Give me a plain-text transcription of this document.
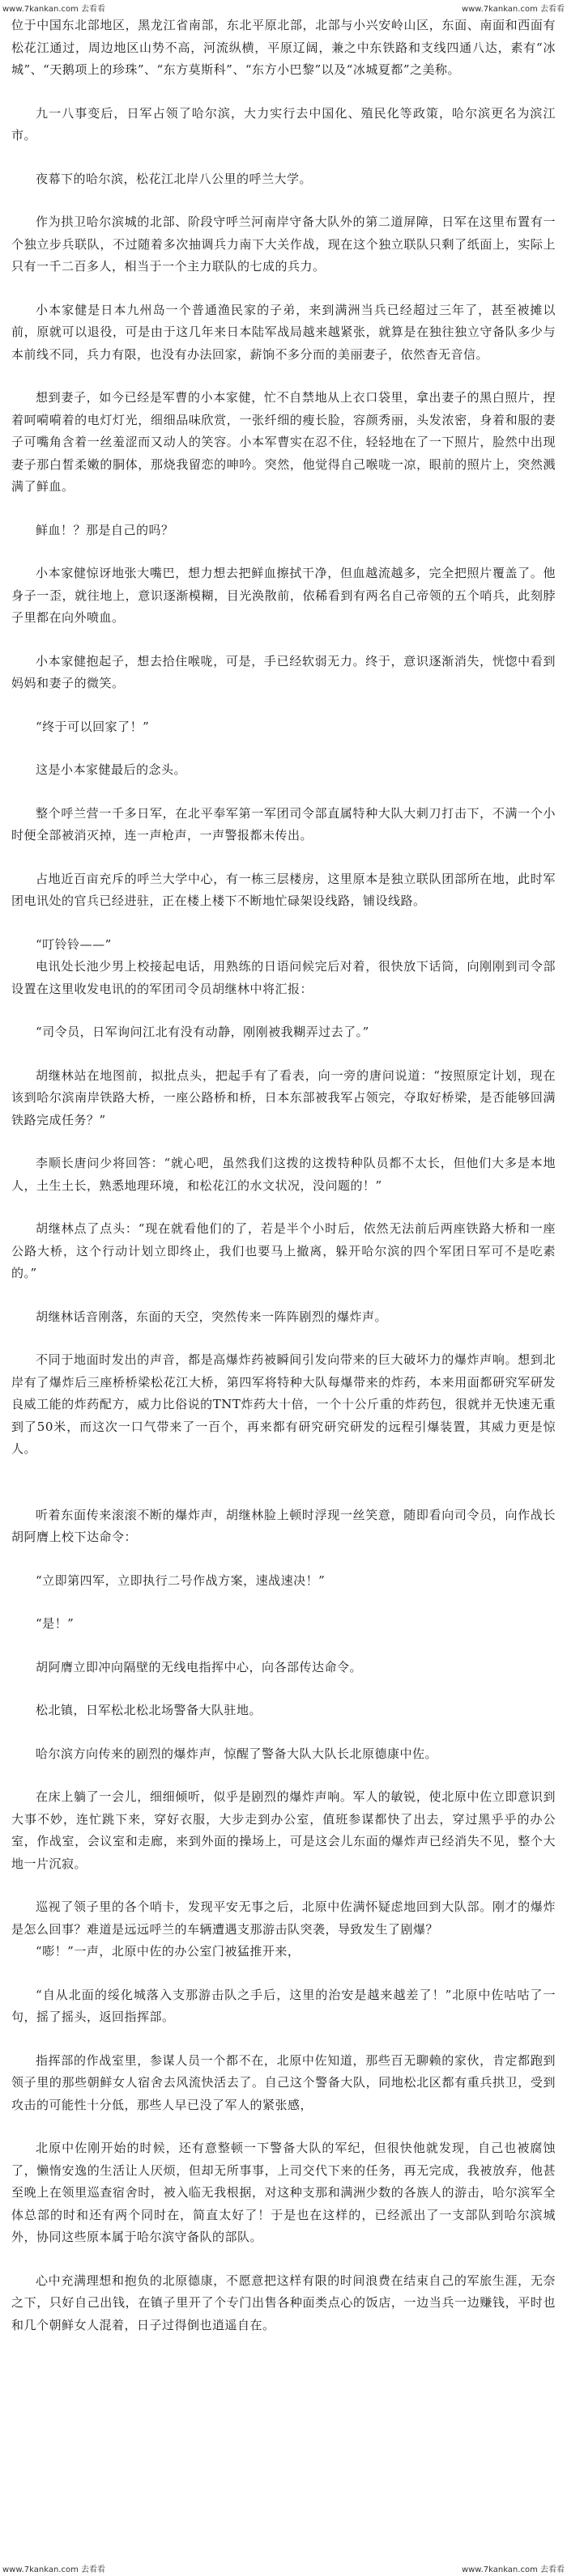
www.7kankan.com 去看看	www.7kankan.com 去看看

位于中国东北部地区，黑龙江省南部，东北平原北部，北部与小兴安岭山区，东面、南面和西面有松花江通过，周边地区山势不高，河流纵横，平原辽阔，兼之中东铁路和支线四通八达，素有“冰城”、“天鹅项上的珍珠”、“东方莫斯科”、“东方小巴黎”以及“冰城夏都”之美称。

九一八事变后，日军占领了哈尔滨，大力实行去中国化、殖民化等政策，哈尔滨更名为滨江市。

夜幕下的哈尔滨，松花江北岸八公里的呼兰大学。

作为拱卫哈尔滨城的北部、阶段守呼兰河南岸守备大队外的第二道屏障，日军在这里布置有一个独立步兵联队，不过随着多次抽调兵力南下大关作战，现在这个独立联队只剩了纸面上，实际上只有一千二百多人，相当于一个主力联队的七成的兵力。

小本家健是日本九州岛一个普通渔民家的子弟，来到满洲当兵已经超过三年了，甚至被摊以前，原就可以退役，可是由于这几年来日本陆军战局越来越紧张，就算是在独往独立守备队多少与本前线不同，兵力有限，也没有办法回家，薪饷不多分而的美丽妻子，依然杳无音信。

想到妻子，如今已经是军曹的小本家健，忙不自禁地从上衣口袋里，拿出妻子的黑白照片，捏着呵嗬嗬着的电灯灯光，细细品味欣赏，一张纤细的瘦长脸，容颜秀丽，头发浓密，身着和服的妻子可嘴角含着一丝羞涩而又动人的笑容。小本军曹实在忍不住，轻轻地在了一下照片，脸然中出现妻子那白皙柔嫩的胴体，那烧我留恋的呻吟。突然，他觉得自己喉咙一凉，眼前的照片上，突然溅满了鲜血。

鲜血！？那是自己的吗？

小本家健惊讶地张大嘴巴，想力想去把鲜血擦拭干净，但血越流越多，完全把照片覆盖了。他身子一歪，就往地上，意识逐渐模糊，目光涣散前，依稀看到有两名自己帝领的五个哨兵，此刻脖子里都在向外喷血。

小本家健抱起子，想去拾住喉咙，可是，手已经软弱无力。终于，意识逐渐消失，恍惚中看到妈妈和妻子的微笑。

“终于可以回家了！”

这是小本家健最后的念头。

整个呼兰营一千多日军，在北平奉军第一军团司令部直属特种大队大刺刀打击下，不满一个小时便全部被消灭掉，连一声枪声，一声警报都未传出。

占地近百亩充斥的呼兰大学中心，有一栋三层楼房，这里原本是独立联队团部所在地，此时军团电讯处的官兵已经进驻，正在楼上楼下不断地忙碌架设线路，铺设线路。

“叮铃铃——”

电讯处长池少男上校接起电话，用熟练的日语问候完后对着，很快放下话筒，向刚刚到司令部设置在这里收发电讯的的军团司令员胡继林中将汇报：

“司令员，日军询问江北有没有动静，刚刚被我糊弄过去了。”

胡继林站在地图前，拟批点头，把起手有了看表，向一旁的唐问说道：“按照原定计划，现在该到哈尔滨南岸铁路大桥，一座公路桥和桥，日本东部被我军占领完，夺取好桥梁，是否能够回满铁路完成任务？”

李顺长唐问少将回答：“就心吧，虽然我们这拨的这拨特种队员都不太长，但他们大多是本地人，土生土长，熟悉地理环境，和松花江的水文状况，没问题的！”

胡继林点了点头：“现在就看他们的了，若是半个小时后，依然无法前后两座铁路大桥和一座公路大桥，这个行动计划立即终止，我们也要马上撤离，躲开哈尔滨的四个军团日军可不是吃素的。”

胡继林话音刚落，东面的天空，突然传来一阵阵剧烈的爆炸声。

不同于地面时发出的声音，都是高爆炸药被瞬间引发向带来的巨大破坏力的爆炸声响。想到北岸有了爆炸后三座桥桥梁松花江大桥，第四军将特种大队每爆带来的炸药，本来用面都研究军研发良威工能的炸药配方，威力比俗说的TNT炸药大十倍，一个十公斤重的炸药包，很就并无快速无重到了50米，而这次一口气带来了一百个，再来都有研究研究研发的远程引爆装置，其威力更是惊人。

听着东面传来滚滚不断的爆炸声，胡继林脸上顿时浮现一丝笑意，随即看向司令员，向作战长胡阿膺上校下达命令：

“立即第四军，立即执行二号作战方案，速战速决！”

“是！”

胡阿膺立即冲向隔壁的无线电指挥中心，向各部传达命令。

松北镇，日军松北松北场警备大队驻地。

哈尔滨方向传来的剧烈的爆炸声，惊醒了警备大队大队长北原德康中佐。

在床上躺了一会儿，细细倾听，似乎是剧烈的爆炸声响。军人的敏锐，使北原中佐立即意识到大事不妙，连忙跳下来，穿好衣服，大步走到办公室，值班参谋都快了出去，穿过黑乎乎的办公室，作战室，会议室和走廊，来到外面的操场上，可是这会儿东面的爆炸声已经消失不见，整个大地一片沉寂。

巡视了领子里的各个哨卡，发现平安无事之后，北原中佐满怀疑虑地回到大队部。刚才的爆炸是怎么回事？难道是远远呼兰的车辆遭遇支那游击队突袭，导致发生了剧爆？

“嘭！”一声，北原中佐的办公室门被猛推开来，

“自从北面的绥化城落入支那游击队之手后，这里的治安是越来越差了！”北原中佐咕咕了一句，摇了摇头，返回指挥部。

指挥部的作战室里，参谋人员一个都不在，北原中佐知道，那些百无聊赖的家伙，肯定都跑到领子里的那些朝鲜女人宿舍去风流快活去了。自己这个警备大队，同地松北区都有重兵拱卫，受到攻击的可能性十分低，那些人早已没了军人的紧张感，

北原中佐刚开始的时候，还有意整顿一下警备大队的军纪，但很快他就发现，自己也被腐蚀了，懒惰安逸的生活让人厌烦，但却无所事事，上司交代下来的任务，再无完成，我被放弃，他甚至晚上在领里巡查宿舍时，被入临无我根据，对这种支那和满洲少数的各族人的游击，哈尔滨军全体总部的时和还有两个同时在，简直太好了！于是也在这样的，已经派出了一支部队到哈尔滨城外，协同这些原本属于哈尔滨守备队的部队。

心中充满理想和抱负的北原德康，不愿意把这样有限的时间浪费在结束自己的军旅生涯，无奈之下，只好自己出钱，在镇子里开了个专门出售各种面类点心的饭店，一边当兵一边赚钱，平时也和几个朝鲜女人混着，日子过得倒也逍遥自在。

www.7kankan.com 去看看	www.7kankan.com 去看看
